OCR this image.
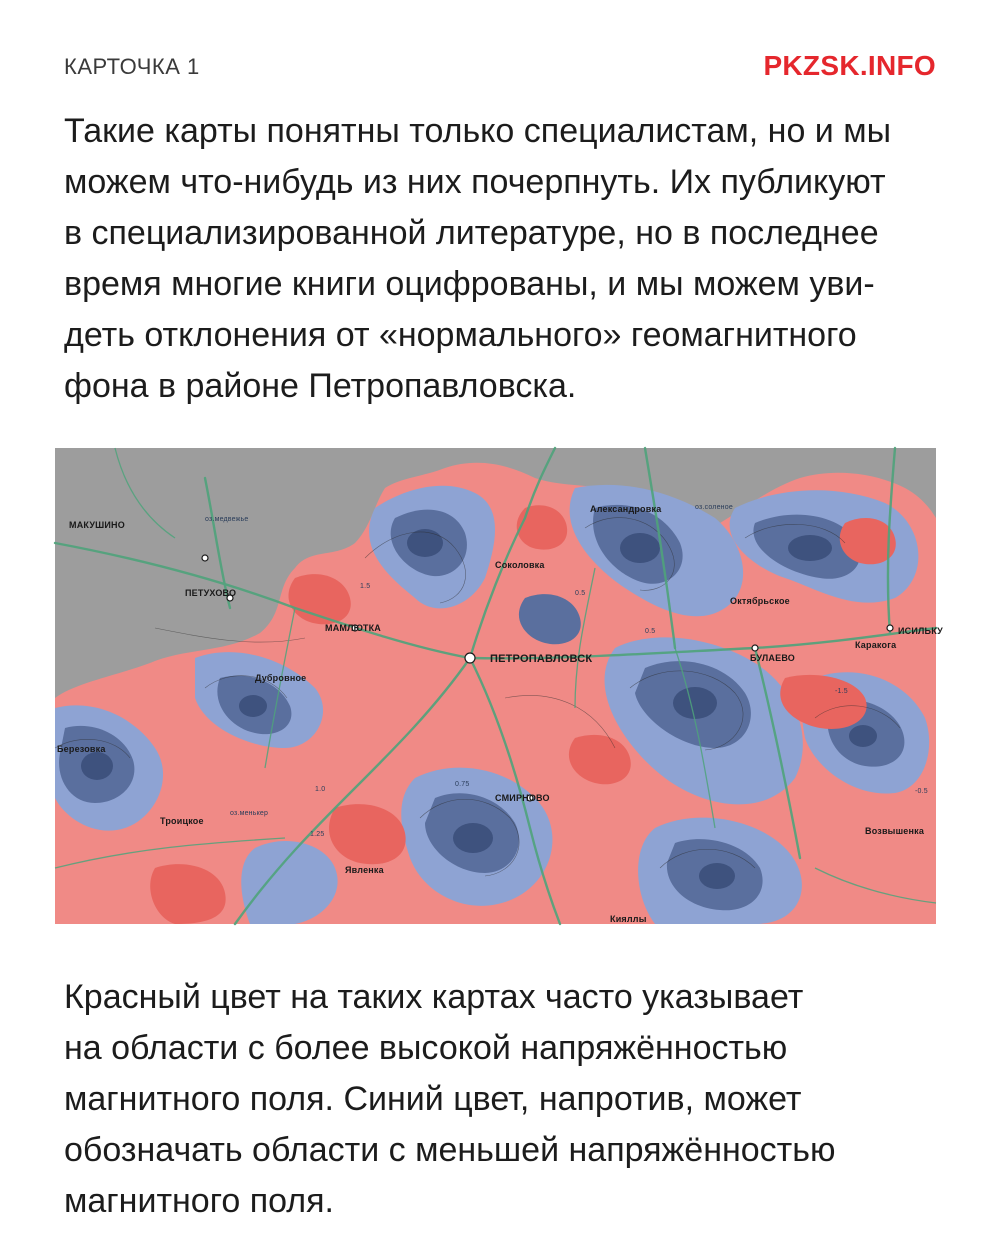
КАРТОЧКА 1	PKZSK.INFO
Такие карты понятны только специалистам, но и мы
можем что-нибудь из них почерпнуть. Их публикуют
в специализированной литературе, но в последнее
время многие книги оцифрованы, и мы можем уви-
деть отклонения от «нормального» геомагнитного
фона в районе Петропавловска.
МАКУШИНО
ПЕТУХОВО
МАМЛЮТКА
ПЕТРОПАВЛОВСК	БУЛАЕВО
ИСИЛЬКУ
СМИРНОВО
Соколовка
Александровка
Октябрьское
Каракога
Дубровное
Троицкое
Явленка
Кияллы
Березовка
Возвышенка
оз.медвежье
оз.соленое
оз.менькер
1.5
0.5
0.75
1.25
-1.5
-0.5
1.0
0.5
Красный цвет на таких картах часто указывает
на области с более высокой напряжённостью
магнитного поля. Синий цвет, напротив, может
обозначать области с меньшей напряжённостью
магнитного поля.
